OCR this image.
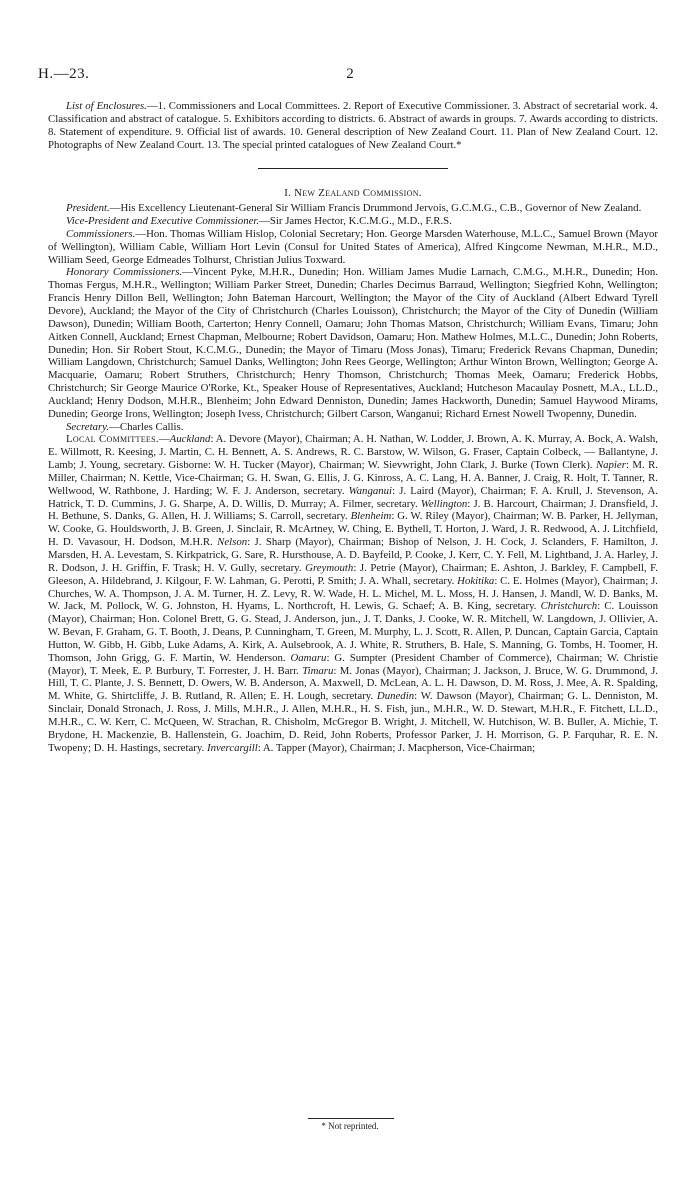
H.—23.	2

List of Enclosures.—1. Commissioners and Local Committees. 2. Report of Executive Commissioner. 3. Abstract of secretarial work. 4. Classification and abstract of catalogue. 5. Exhibitors according to districts. 6. Abstract of awards in groups. 7. Awards according to districts. 8. Statement of expenditure. 9. Official list of awards. 10. General description of New Zealand Court. 11. Plan of New Zealand Court. 12. Photographs of New Zealand Court. 13. The special printed catalogues of New Zealand Court.*

I. New Zealand Commission.

President.—His Excellency Lieutenant-General Sir William Francis Drummond Jervois, G.C.M.G., C.B., Governor of New Zealand.

Vice-President and Executive Commissioner.—Sir James Hector, K.C.M.G., M.D., F.R.S.

Commissioners.—Hon. Thomas William Hislop, Colonial Secretary; Hon. George Marsden Waterhouse, M.L.C., Samuel Brown (Mayor of Wellington), William Cable, William Hort Levin (Consul for United States of America), Alfred Kingcome Newman, M.H.R., M.D., William Seed, George Edmeades Tolhurst, Christian Julius Toxward.

Honorary Commissioners.—Vincent Pyke, M.H.R., Dunedin; Hon. William James Mudie Larnach, C.M.G., M.H.R., Dunedin; Hon. Thomas Fergus, M.H.R., Wellington; William Parker Street, Dunedin; Charles Decimus Barraud, Wellington; Siegfried Kohn, Wellington; Francis Henry Dillon Bell, Wellington; John Bateman Harcourt, Wellington; the Mayor of the City of Auckland (Albert Edward Tyrell Devore), Auckland; the Mayor of the City of Christchurch (Charles Louisson), Christchurch; the Mayor of the City of Dunedin (William Dawson), Dunedin; William Booth, Carterton; Henry Connell, Oamaru; John Thomas Matson, Christchurch; William Evans, Timaru; John Aitken Connell, Auckland; Ernest Chapman, Melbourne; Robert Davidson, Oamaru; Hon. Mathew Holmes, M.L.C., Dunedin; John Roberts, Dunedin; Hon. Sir Robert Stout, K.C.M.G., Dunedin; the Mayor of Timaru (Moss Jonas), Timaru; Frederick Revans Chapman, Dunedin; William Langdown, Christchurch; Samuel Danks, Wellington; John Rees George, Wellington; Arthur Winton Brown, Wellington; George A. Macquarie, Oamaru; Robert Struthers, Christchurch; Henry Thomson, Christchurch; Thomas Meek, Oamaru; Frederick Hobbs, Christchurch; Sir George Maurice O'Rorke, Kt., Speaker House of Representatives, Auckland; Hutcheson Macaulay Posnett, M.A., LL.D., Auckland; Henry Dodson, M.H.R., Blenheim; John Edward Denniston, Dunedin; James Hackworth, Dunedin; Samuel Haywood Mirams, Dunedin; George Irons, Wellington; Joseph Ivess, Christchurch; Gilbert Carson, Wanganui; Richard Ernest Nowell Twopenny, Dunedin.

Secretary.—Charles Callis.

Local Committees.—Auckland: A. Devore (Mayor), Chairman; A. H. Nathan, W. Lodder, J. Brown, A. K. Murray, A. Bock, A. Walsh, E. Willmott, R. Keesing, J. Martin, C. H. Bennett, A. S. Andrews, R. C. Barstow, W. Wilson, G. Fraser, Captain Colbeck, — Ballantyne, J. Lamb; J. Young, secretary. Gisborne: W. H. Tucker (Mayor), Chairman; W. Sievwright, John Clark, J. Burke (Town Clerk). Napier: M. R. Miller, Chairman; N. Kettle, Vice-Chairman; G. H. Swan, G. Ellis, J. G. Kinross, A. C. Lang, H. A. Banner, J. Craig, R. Holt, T. Tanner, R. Wellwood, W. Rathbone, J. Harding; W. F. J. Anderson, secretary. Wanganui: J. Laird (Mayor), Chairman; F. A. Krull, J. Stevenson, A. Hatrick, T. D. Cummins, J. G. Sharpe, A. D. Willis, D. Murray; A. Filmer, secretary. Wellington: J. B. Harcourt, Chairman; J. Dransfield, J. H. Bethune, S. Danks, G. Allen, H. J. Williams; S. Carroll, secretary. Blenheim: G. W. Riley (Mayor), Chairman; W. B. Parker, H. Jellyman, W. Cooke, G. Houldsworth, J. B. Green, J. Sinclair, R. McArtney, W. Ching, E. Bythell, T. Horton, J. Ward, J. R. Redwood, A. J. Litchfield, H. D. Vavasour, H. Dodson, M.H.R. Nelson: J. Sharp (Mayor), Chairman; Bishop of Nelson, J. H. Cock, J. Sclanders, F. Hamilton, J. Marsden, H. A. Levestam, S. Kirkpatrick, G. Sare, R. Hursthouse, A. D. Bayfeild, P. Cooke, J. Kerr, C. Y. Fell, M. Lightband, J. A. Harley, J. R. Dodson, J. H. Griffin, F. Trask; H. V. Gully, secretary. Greymouth: J. Petrie (Mayor), Chairman; E. Ashton, J. Barkley, F. Campbell, F. Gleeson, A. Hildebrand, J. Kilgour, F. W. Lahman, G. Perotti, P. Smith; J. A. Whall, secretary. Hokitika: C. E. Holmes (Mayor), Chairman; J. Churches, W. A. Thompson, J. A. M. Turner, H. Z. Levy, R. W. Wade, H. L. Michel, M. L. Moss, H. J. Hansen, J. Mandl, W. D. Banks, M. W. Jack, M. Pollock, W. G. Johnston, H. Hyams, L. Northcroft, H. Lewis, G. Schaef; A. B. King, secretary. Christchurch: C. Louisson (Mayor), Chairman; Hon. Colonel Brett, G. G. Stead, J. Anderson, jun., J. T. Danks, J. Cooke, W. R. Mitchell, W. Langdown, J. Ollivier, A. W. Bevan, F. Graham, G. T. Booth, J. Deans, P. Cunningham, T. Green, M. Murphy, L. J. Scott, R. Allen, P. Duncan, Captain Garcia, Captain Hutton, W. Gibb, H. Gibb, Luke Adams, A. Kirk, A. Aulsebrook, A. J. White, R. Struthers, B. Hale, S. Manning, G. Tombs, H. Toomer, H. Thomson, John Grigg, G. F. Martin, W. Henderson. Oamaru: G. Sumpter (President Chamber of Commerce), Chairman; W. Christie (Mayor), T. Meek, E. P. Burbury, T. Forrester, J. H. Barr. Timaru: M. Jonas (Mayor), Chairman; J. Jackson, J. Bruce, W. G. Drummond, J. Hill, T. C. Plante, J. S. Bennett, D. Owers, W. B. Anderson, A. Maxwell, D. McLean, A. L. H. Dawson, D. M. Ross, J. Mee, A. R. Spalding, M. White, G. Shirtcliffe, J. B. Rutland, R. Allen; E. H. Lough, secretary. Dunedin: W. Dawson (Mayor), Chairman; G. L. Denniston, M. Sinclair, Donald Stronach, J. Ross, J. Mills, M.H.R., J. Allen, M.H.R., H. S. Fish, jun., M.H.R., W. D. Stewart, M.H.R., F. Fitchett, LL.D., M.H.R., C. W. Kerr, C. McQueen, W. Strachan, R. Chisholm, McGregor B. Wright, J. Mitchell, W. Hutchison, W. B. Buller, A. Michie, T. Brydone, H. Mackenzie, B. Hallenstein, G. Joachim, D. Reid, John Roberts, Professor Parker, J. H. Morrison, G. P. Farquhar, R. E. N. Twopeny; D. H. Hastings, secretary. Invercargill: A. Tapper (Mayor), Chairman; J. Macpherson, Vice-Chairman;

* Not reprinted.
